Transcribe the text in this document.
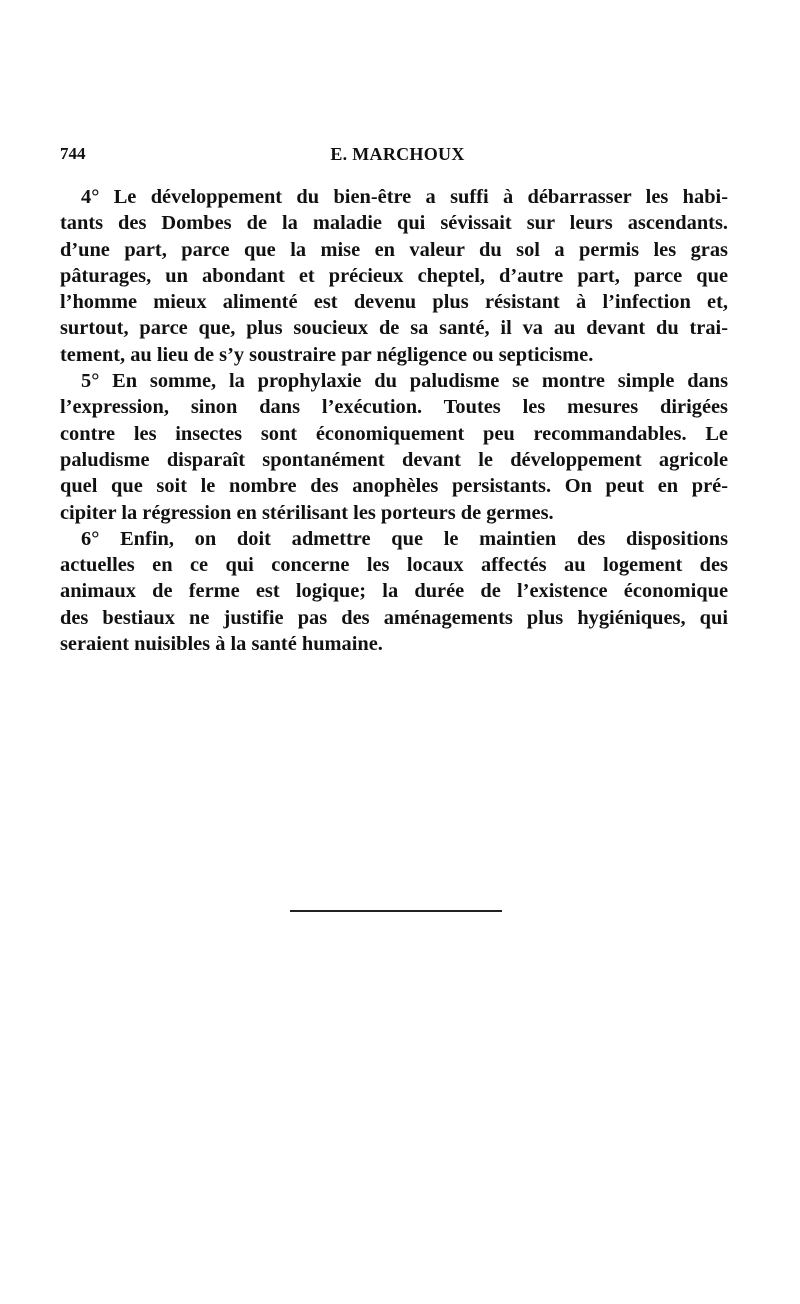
744	E. MARCHOUX

4° Le développement du bien-être a suffi à débarrasser les habi-
tants des Dombes de la maladie qui sévissait sur leurs ascendants.
d’une part, parce que la mise en valeur du sol a permis les gras
pâturages, un abondant et précieux cheptel, d’autre part, parce que
l’homme mieux alimenté est devenu plus résistant à l’infection et,
surtout, parce que, plus soucieux de sa santé, il va au devant du trai-
tement, au lieu de s’y soustraire par négligence ou septicisme.

5° En somme, la prophylaxie du paludisme se montre simple dans
l’expression, sinon dans l’exécution. Toutes les mesures dirigées
contre les insectes sont économiquement peu recommandables. Le
paludisme disparaît spontanément devant le développement agricole
quel que soit le nombre des anophèles persistants. On peut en pré-
cipiter la régression en stérilisant les porteurs de germes.

6° Enfin, on doit admettre que le maintien des dispositions
actuelles en ce qui concerne les locaux affectés au logement des
animaux de ferme est logique; la durée de l’existence économique
des bestiaux ne justifie pas des aménagements plus hygiéniques, qui
seraient nuisibles à la santé humaine.
